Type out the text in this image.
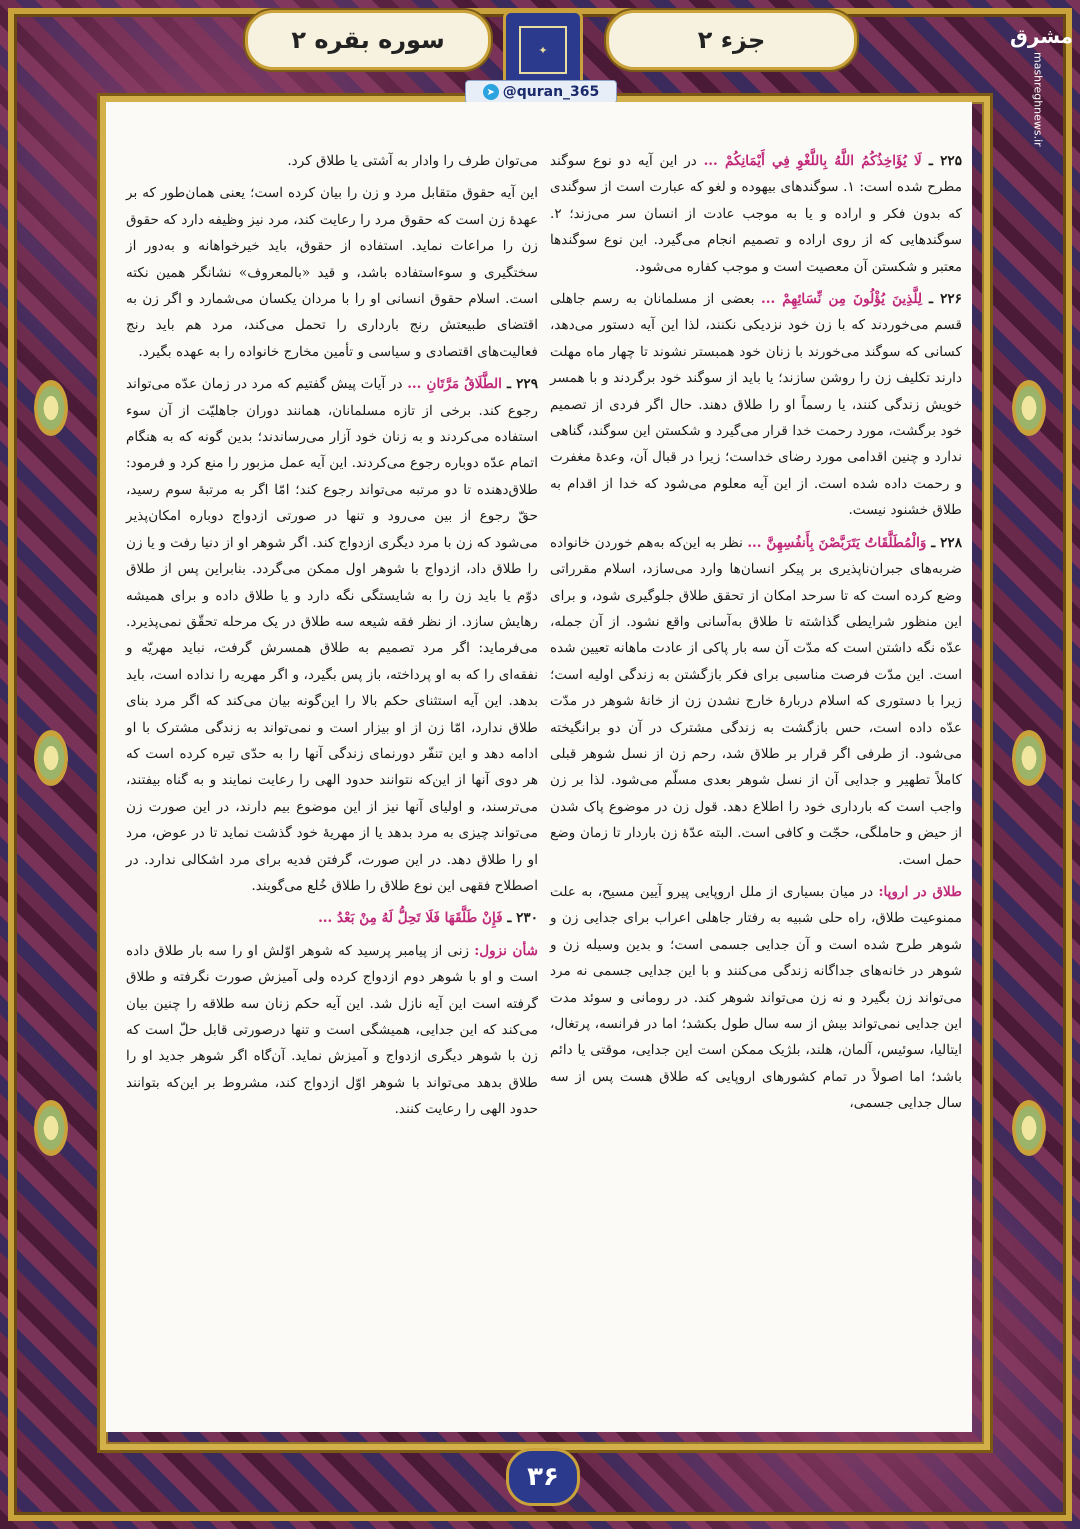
سوره بقره ۲	✦	جزء ۲
➤ @quran_365
مشرق
mashreghnews.ir

۲۲۵ ـ لَا يُؤَاخِذُكُمُ اللَّهُ بِاللَّغْوِ فِي أَيْمَانِكُمْ ... در این آیه دو نوع سوگند مطرح شده است: ۱. سوگندهای بیهوده و لغو که عبارت است از سوگندی که بدون فکر و اراده و یا به موجب عادت از انسان سر می‌زند؛ ۲. سوگندهایی که از روی اراده و تصمیم انجام می‌گیرد. این نوع سوگندها معتبر و شکستن آن معصیت است و موجب کفاره می‌شود.

۲۲۶ ـ لِلَّذِينَ يُؤْلُونَ مِن نِّسَائِهِمْ ... بعضی از مسلمانان به رسم جاهلی قسم می‌خوردند که با زن خود نزدیکی نکنند، لذا این آیه دستور می‌دهد، کسانی که سوگند می‌خورند با زنان خود همبستر نشوند تا چهار ماه مهلت دارند تکلیف زن را روشن سازند؛ یا باید از سوگند خود برگردند و با همسر خویش زندگی کنند، یا رسماً او را طلاق دهند. حال اگر فردی از تصمیم خود برگشت، مورد رحمت خدا قرار می‌گیرد و شکستن این سوگند، گناهی ندارد و چنین اقدامی مورد رضای خداست؛ زیرا در قبال آن، وعدهٔ مغفرت و رحمت داده شده است. از این آیه معلوم می‌شود که خدا از اقدام به طلاق خشنود نیست.

۲۲۸ ـ وَالْمُطَلَّقَاتُ يَتَرَبَّصْنَ بِأَنفُسِهِنَّ ... نظر به این‌که به‌هم خوردن خانواده ضربه‌های جبران‌ناپذیری بر پیکر انسان‌ها وارد می‌سازد، اسلام مقرراتی وضع کرده است که تا سرحد امکان از تحقق طلاق جلوگیری شود، و برای این منظور شرایطی گذاشته تا طلاق به‌آسانی واقع نشود. از آن جمله، عدّه نگه داشتن است که مدّت آن سه بار پاکی از عادت ماهانه تعیین شده است. این مدّت فرصت مناسبی برای فکر بازگشتن به زندگی اولیه است؛ زیرا با دستوری که اسلام دربارهٔ خارج نشدن زن از خانهٔ شوهر در مدّت عدّه داده است، حس بازگشت به زندگی مشترک در آن دو برانگیخته می‌شود. از طرفی اگر قرار بر طلاق شد، رحم زن از نسل شوهر قبلی کاملاً تطهیر و جدایی آن از نسل شوهر بعدی مسلّم می‌شود. لذا بر زن واجب است که بارداری خود را اطلاع دهد. قول زن در موضوع پاک شدن از حیض و حاملگی، حجّت و کافی است. البته عدّهٔ زن باردار تا زمان وضع حمل است.

طلاق در اروپا: در میان بسیاری از ملل اروپایی پیرو آیین مسیح، به علت ممنوعیت طلاق، راه حلی شبیه به رفتار جاهلی اعراب برای جدایی زن و شوهر طرح شده است و آن جدایی جسمی است؛ و بدین وسیله زن و شوهر در خانه‌های جداگانه زندگی می‌کنند و با این جدایی جسمی نه مرد می‌تواند زن بگیرد و نه زن می‌تواند شوهر کند. در رومانی و سوئد مدت این جدایی نمی‌تواند بیش از سه سال طول بکشد؛ اما در فرانسه، پرتغال، ایتالیا، سوئیس، آلمان، هلند، بلژیک ممکن است این جدایی، موقتی یا دائم باشد؛ اما اصولاً در تمام کشورهای اروپایی که طلاق هست پس از سه سال جدایی جسمی،

می‌توان طرف را وادار به آشتی یا طلاق کرد.

این آیه حقوق متقابل مرد و زن را بیان کرده است؛ یعنی همان‌طور که بر عهدهٔ زن است که حقوق مرد را رعایت کند، مرد نیز وظیفه دارد که حقوق زن را مراعات نماید. استفاده از حقوق، باید خیرخواهانه و به‌دور از سختگیری و سوءاستفاده باشد، و قید «بالمعروف» نشانگر همین نکته است. اسلام حقوق انسانی او را با مردان یکسان می‌شمارد و اگر زن به اقتضای طبیعتش رنج بارداری را تحمل می‌کند، مرد هم باید رنج فعالیت‌های اقتصادی و سیاسی و تأمین مخارج خانواده را به عهده بگیرد.

۲۲۹ ـ الطَّلَاقُ مَرَّتَانِ ... در آیات پیش گفتیم که مرد در زمان عدّه می‌تواند رجوع کند. برخی از تازه مسلمانان، همانند دوران جاهلیّت از آن سوء استفاده می‌کردند و به زنان خود آزار می‌رساندند؛ بدین گونه که به هنگام اتمام عدّه دوباره رجوع می‌کردند. این آیه عمل مزبور را منع کرد و فرمود: طلاق‌دهنده تا دو مرتبه می‌تواند رجوع کند؛ امّا اگر به مرتبهٔ سوم رسید، حقّ رجوع از بین می‌رود و تنها در صورتی ازدواج دوباره امکان‌پذیر می‌شود که زن با مرد دیگری ازدواج کند. اگر شوهر او از دنیا رفت و یا زن را طلاق داد، ازدواج با شوهر اول ممکن می‌گردد. بنابراین پس از طلاق دوّم یا باید زن را به شایستگی نگه دارد و یا طلاق داده و برای همیشه رهایش سازد. از نظر فقه شیعه سه طلاق در یک مرحله تحقّق نمی‌پذیرد. می‌فرماید: اگر مرد تصمیم به طلاق همسرش گرفت، نباید مهریّه و نفقه‌ای را که به او پرداخته، باز پس بگیرد، و اگر مهریه را نداده است، باید بدهد. این آیه استثنای حکم بالا را این‌گونه بیان می‌کند که اگر مرد بنای طلاق ندارد، امّا زن از او بیزار است و نمی‌تواند به زندگی مشترک با او ادامه دهد و این تنفّر دورنمای زندگی آنها را به حدّی تیره کرده است که هر دوی آنها از این‌که نتوانند حدود الهی را رعایت نمایند و به گناه بیفتند، می‌ترسند، و اولیای آنها نیز از این موضوع بیم دارند، در این صورت زن می‌تواند چیزی به مرد بدهد یا از مهریهٔ خود گذشت نماید تا در عوض، مرد او را طلاق دهد. در این صورت، گرفتن فدیه برای مرد اشکالی ندارد. در اصطلاح فقهی این نوع طلاق را طلاق خُلع می‌گویند.

۲۳۰ ـ فَإِنْ طَلَّقَهَا فَلَا تَحِلُّ لَهُ مِنْ بَعْدُ ...

شأن نزول: زنی از پیامبر پرسید که شوهر اوّلش او را سه بار طلاق داده است و او با شوهر دوم ازدواج کرده ولی آمیزش صورت نگرفته و طلاق گرفته است این آیه نازل شد. این آیه حکم زنان سه طلاقه را چنین بیان می‌کند که این جدایی، همیشگی است و تنها درصورتی قابل حلّ است که زن با شوهر دیگری ازدواج و آمیزش نماید. آن‌گاه اگر شوهر جدید او را طلاق بدهد می‌تواند با شوهر اوّل ازدواج کند، مشروط بر این‌که بتوانند حدود الهی را رعایت کنند.

۳۶
